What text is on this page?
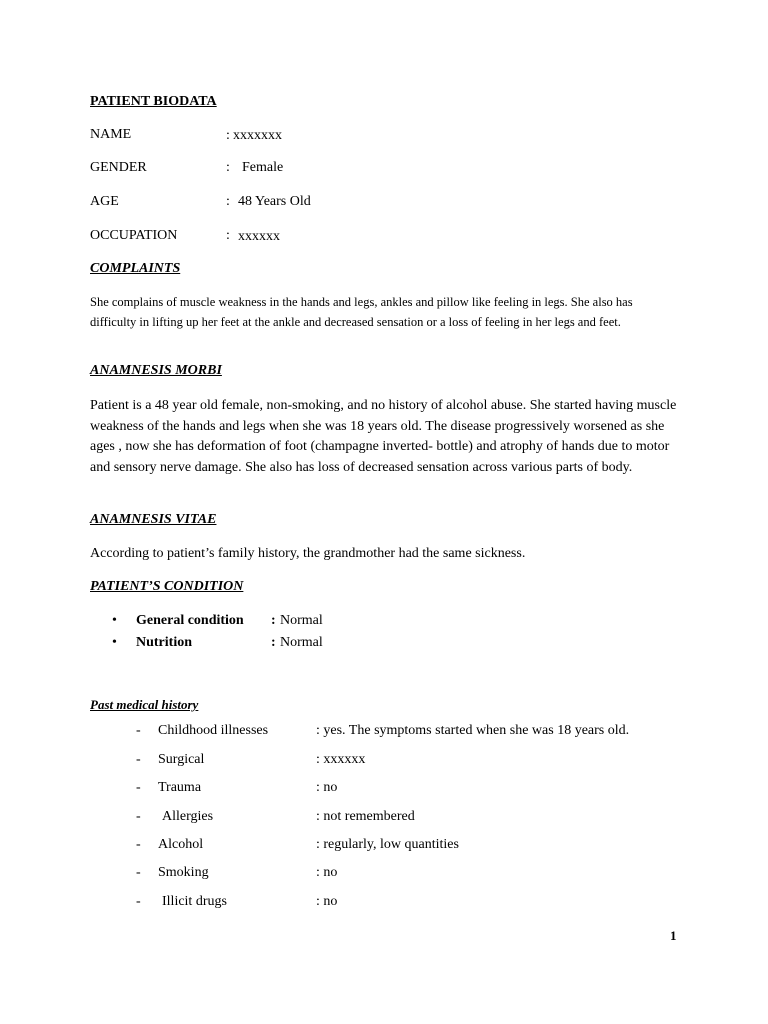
PATIENT BIODATA
NAME	: xxxxxxx
GENDER	: Female
AGE	: 48 Years Old
OCCUPATION	: xxxxxx
COMPLAINTS
She complains of muscle weakness in the hands and legs, ankles and pillow like feeling in legs. She also has difficulty in lifting up her feet at the ankle and decreased sensation or a loss of feeling in her legs and feet.
ANAMNESIS MORBI
Patient is a 48 year old female, non-smoking, and no history of alcohol abuse. She started having muscle weakness of the hands and legs when she was 18 years old. The disease progressively worsened as she ages , now she has deformation of foot (champagne inverted- bottle) and atrophy of hands due to motor and sensory nerve damage. She also has loss of decreased sensation across various parts of body.
ANAMNESIS VITAE
According to patient’s family history, the grandmother had the same sickness.
PATIENT’S CONDITION
• General condition : Normal
• Nutrition	: Normal
Past medical history
- Childhood illnesses	: yes. The symptoms started when she was 18 years old.
- Surgical	: xxxxxx
- Trauma	: no
- Allergies	: not remembered
- Alcohol	: regularly, low quantities
- Smoking	: no
- Illicit drugs	: no
1
